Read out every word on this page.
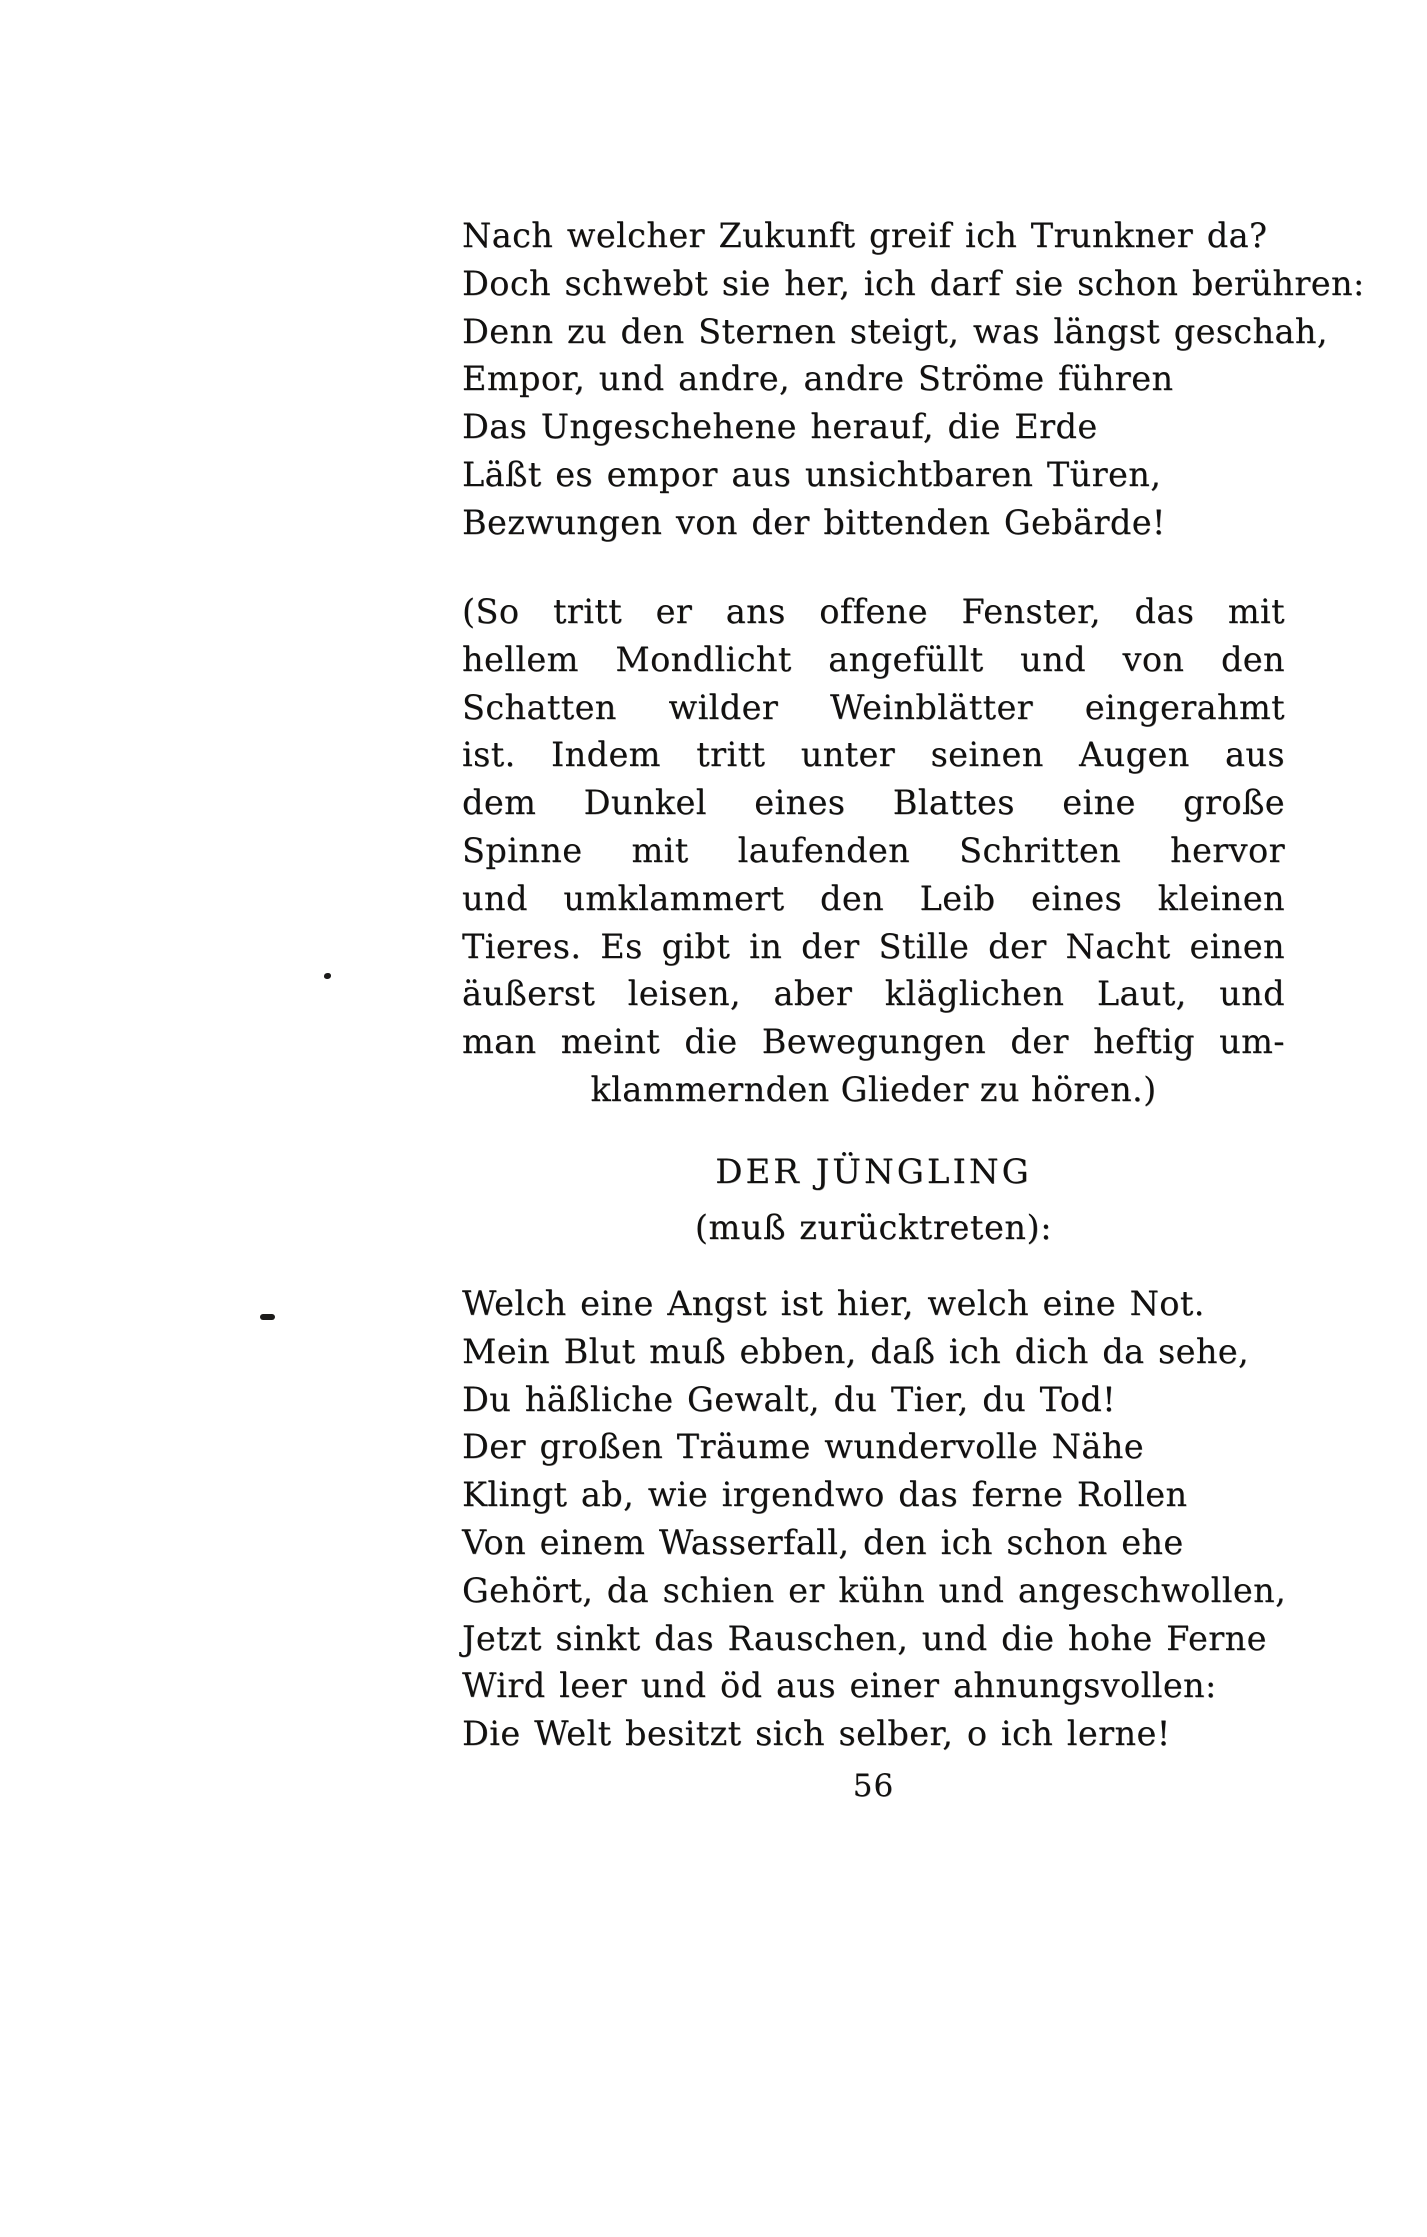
Nach welcher Zukunft greif ich Trunkner da?
Doch schwebt sie her, ich darf sie schon berühren:
Denn zu den Sternen steigt, was längst geschah,
Empor, und andre, andre Ströme führen
Das Ungeschehene herauf, die Erde
Läßt es empor aus unsichtbaren Türen,
Bezwungen von der bittenden Gebärde!
(So tritt er ans offene Fenster, das mit
hellem Mondlicht angefüllt und von den
Schatten wilder Weinblätter eingerahmt
ist. Indem tritt unter seinen Augen aus
dem Dunkel eines Blattes eine große
Spinne mit laufenden Schritten hervor
und umklammert den Leib eines kleinen
Tieres. Es gibt in der Stille der Nacht einen
äußerst leisen, aber kläglichen Laut, und
man meint die Bewegungen der heftig um-
klammernden Glieder zu hören.)
DER JÜNGLING
(muß zurücktreten):
Welch eine Angst ist hier, welch eine Not.
Mein Blut muß ebben, daß ich dich da sehe,
Du häßliche Gewalt, du Tier, du Tod!
Der großen Träume wundervolle Nähe
Klingt ab, wie irgendwo das ferne Rollen
Von einem Wasserfall, den ich schon ehe
Gehört, da schien er kühn und angeschwollen,
Jetzt sinkt das Rauschen, und die hohe Ferne
Wird leer und öd aus einer ahnungsvollen:
Die Welt besitzt sich selber, o ich lerne!
56
